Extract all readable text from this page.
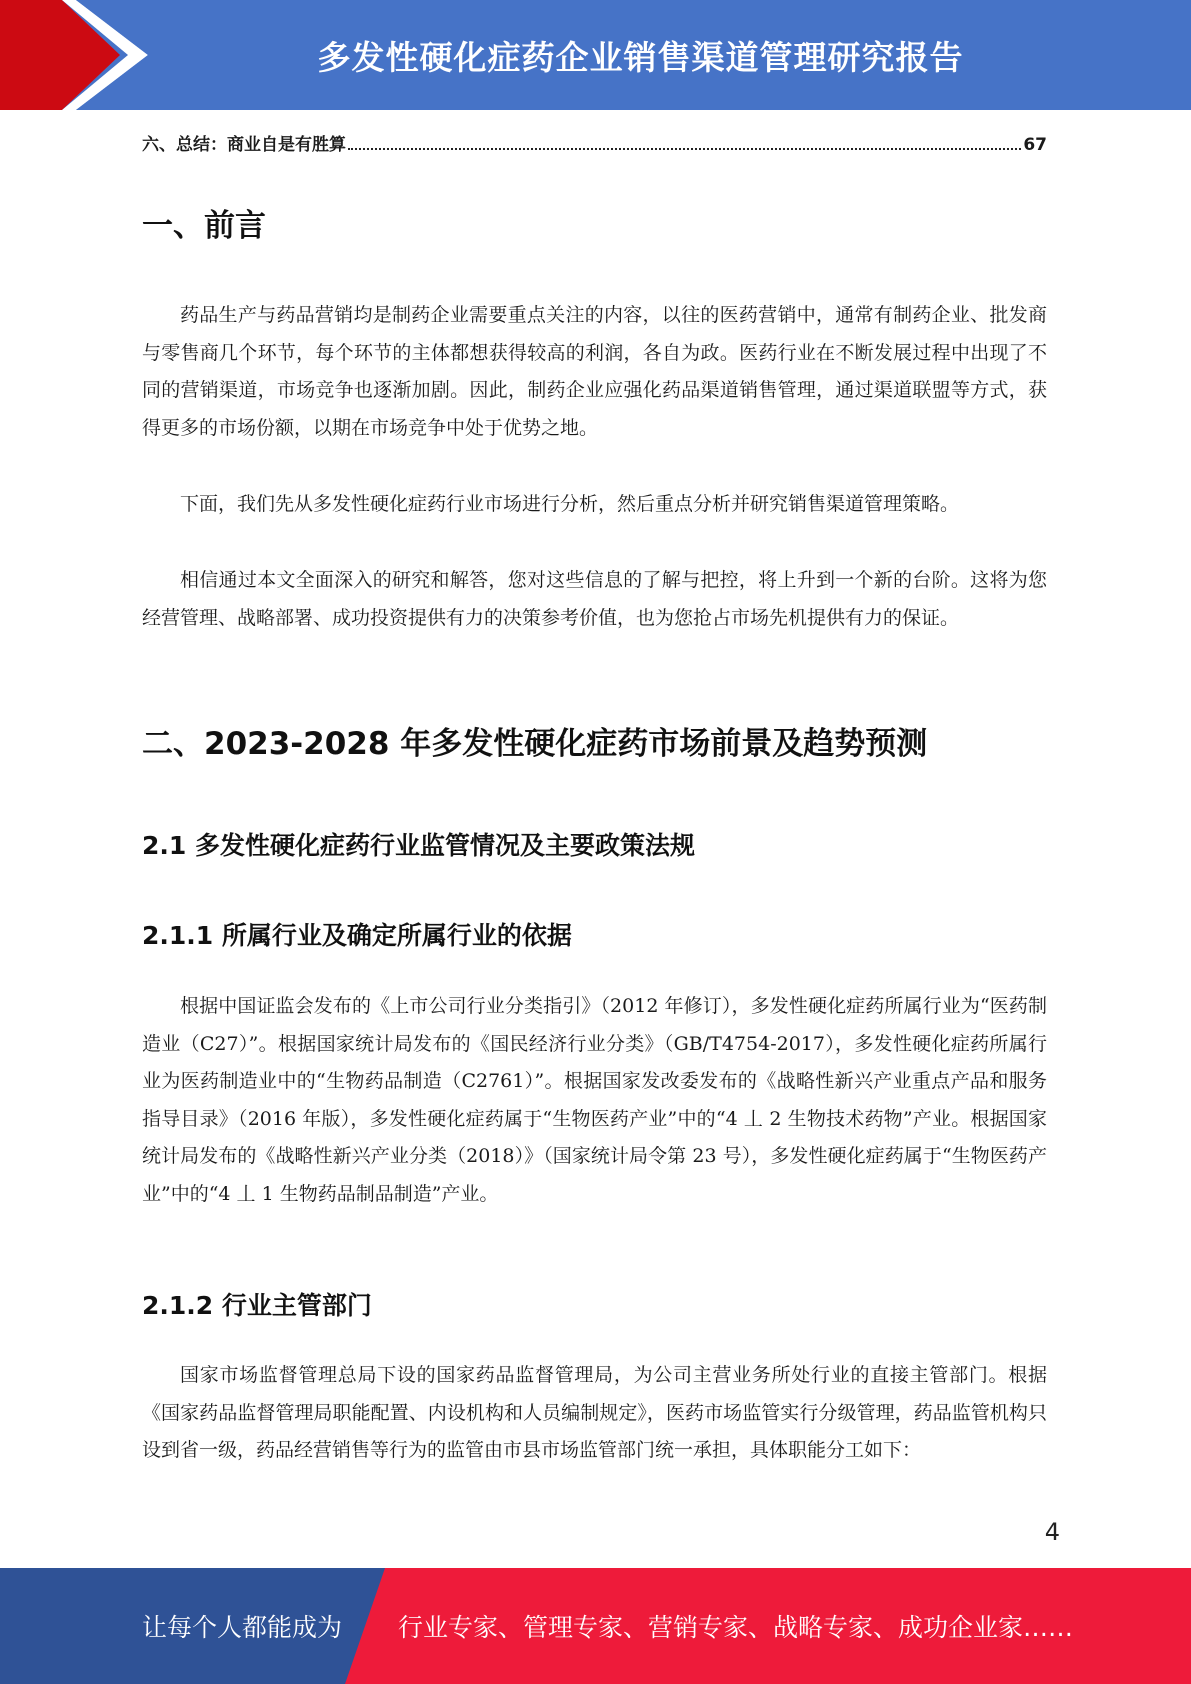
多发性硬化症药企业销售渠道管理研究报告
六、总结：商业自是有胜算	67
一、前言

药品生产与药品营销均是制药企业需要重点关注的内容，以往的医药营销中，通常有制药企业、批发商与零售商几个环节，每个环节的主体都想获得较高的利润，各自为政。医药行业在不断发展过程中出现了不同的营销渠道，市场竞争也逐渐加剧。因此，制药企业应强化药品渠道销售管理，通过渠道联盟等方式，获得更多的市场份额，以期在市场竞争中处于优势之地。

下面，我们先从多发性硬化症药行业市场进行分析，然后重点分析并研究销售渠道管理策略。

相信通过本文全面深入的研究和解答，您对这些信息的了解与把控，将上升到一个新的台阶。这将为您经营管理、战略部署、成功投资提供有力的决策参考价值，也为您抢占市场先机提供有力的保证。

二、2023-2028 年多发性硬化症药市场前景及趋势预测
2.1 多发性硬化症药行业监管情况及主要政策法规
2.1.1 所属行业及确定所属行业的依据

根据中国证监会发布的《上市公司行业分类指引》（2012 年修订），多发性硬化症药所属行业为“医药制造业（C27）”。根据国家统计局发布的《国民经济行业分类》（GB/T4754-2017），多发性硬化症药所属行业为医药制造业中的“生物药品制造（C2761）”。根据国家发改委发布的《战略性新兴产业重点产品和服务指导目录》（2016 年版），多发性硬化症药属于“生物医药产业”中的“4 丄 2 生物技术药物”产业。根据国家统计局发布的《战略性新兴产业分类（2018）》（国家统计局令第 23 号），多发性硬化症药属于“生物医药产业”中的“4 丄 1 生物药品制品制造”产业。

2.1.2 行业主管部门

国家市场监督管理总局下设的国家药品监督管理局，为公司主营业务所处行业的直接主管部门。根据《国家药品监督管理局职能配置、内设机构和人员编制规定》，医药市场监管实行分级管理，药品监管机构只设到省一级，药品经营销售等行为的监管由市县市场监管部门统一承担，具体职能分工如下：

4
让每个人都能成为 行业专家、管理专家、营销专家、战略专家、成功企业家……
